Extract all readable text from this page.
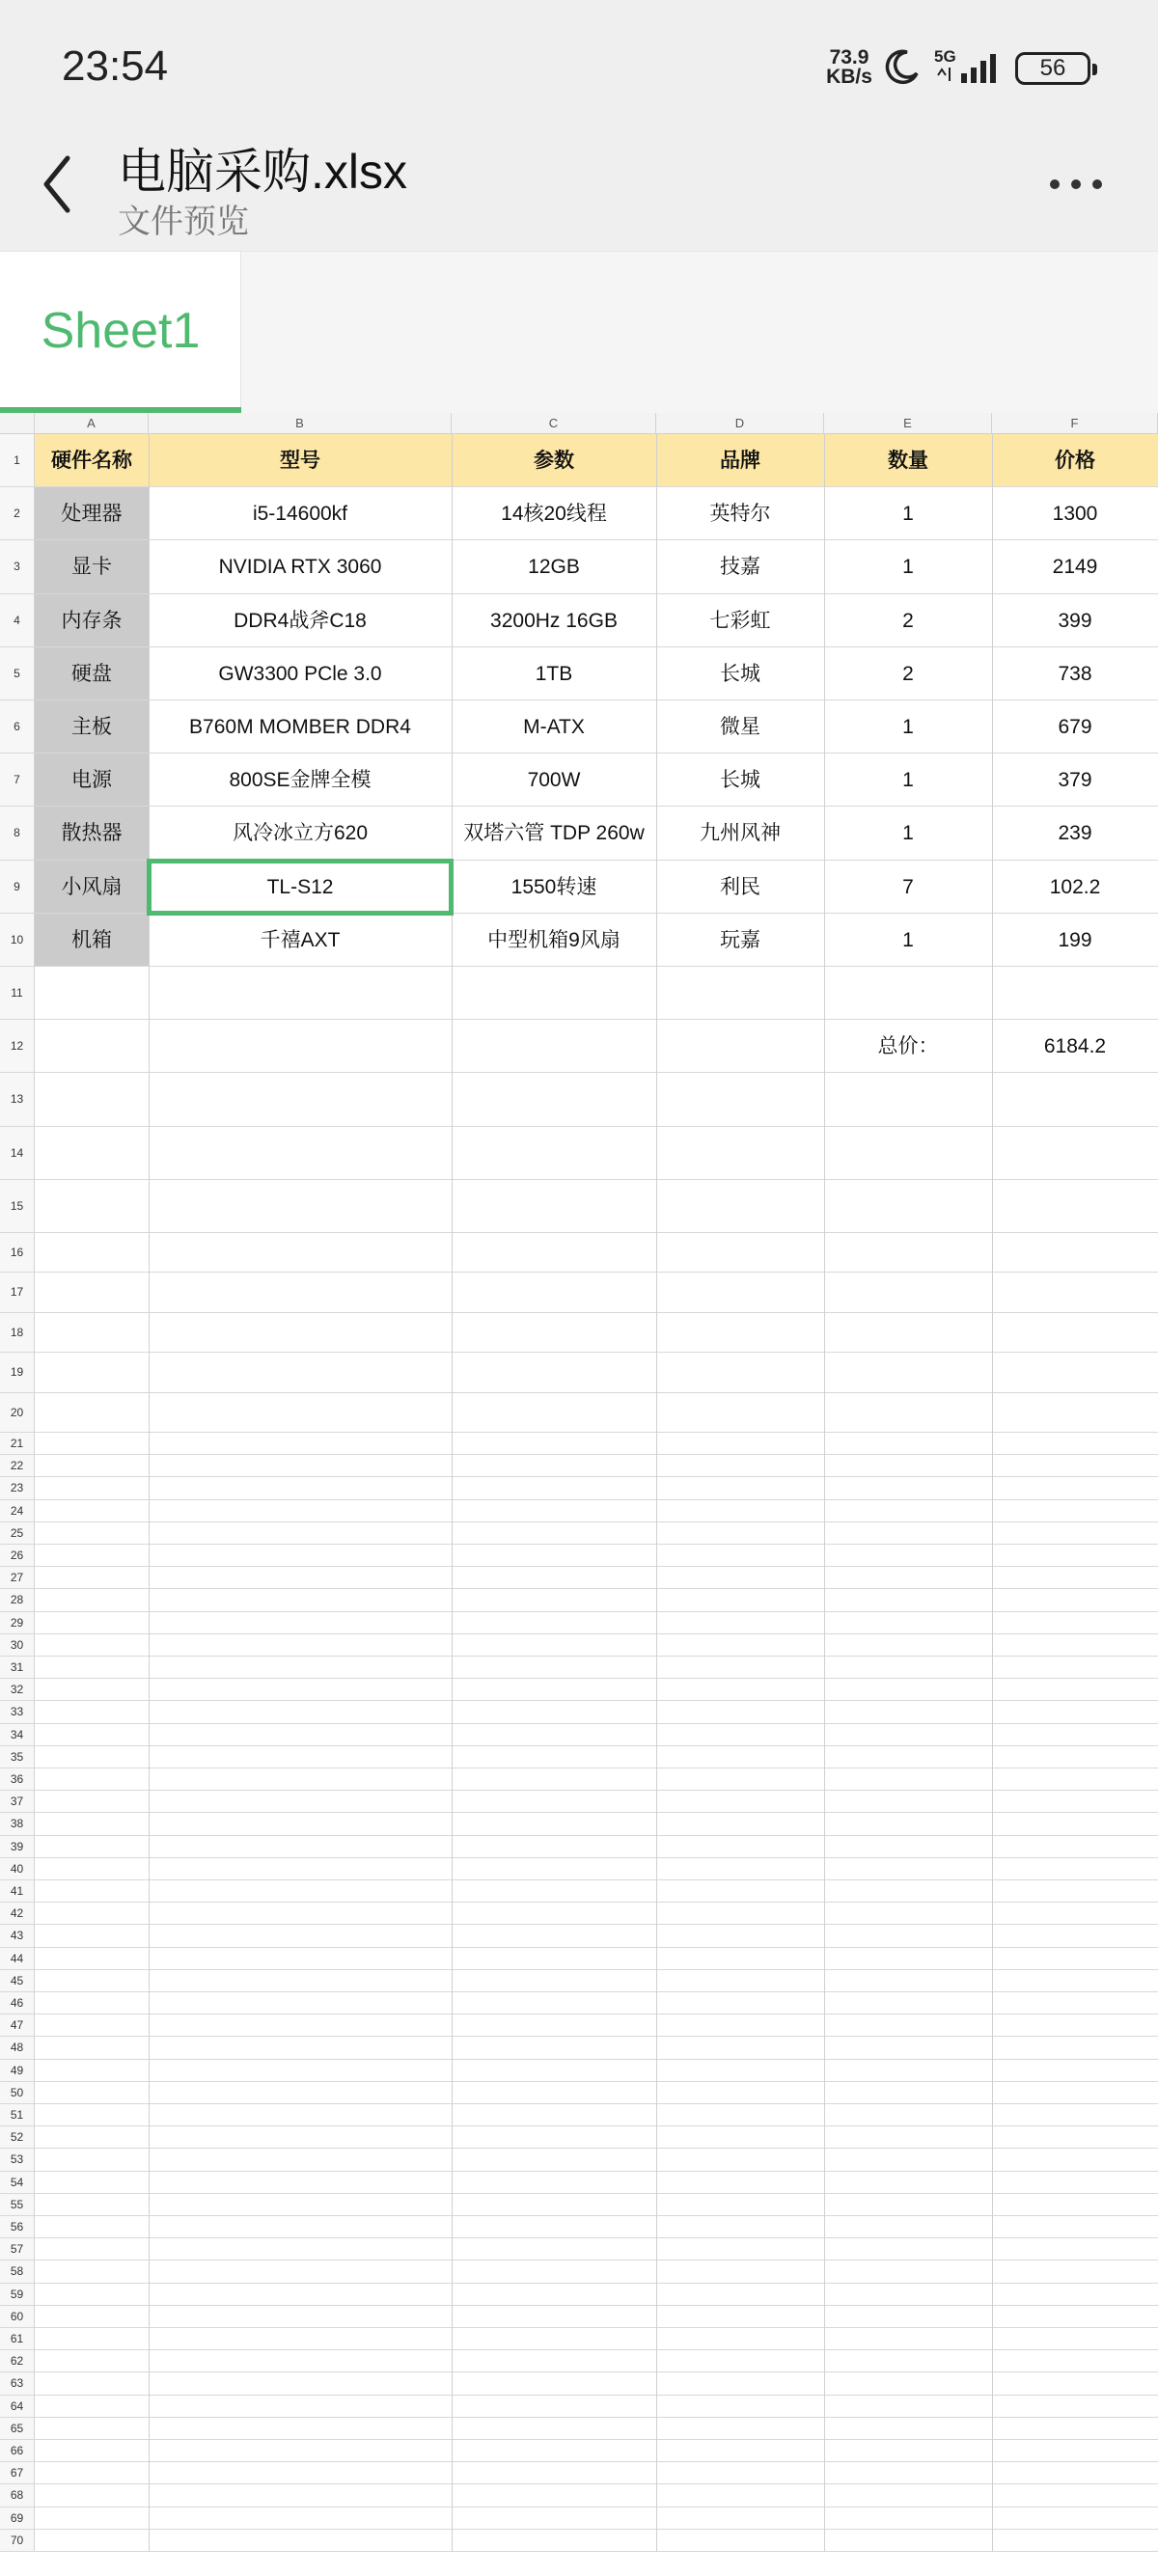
23:54	73.9
KB/s
5G	56
电脑采购.xlsx
文件预览
Sheet1
A	B	C	D	E	F
1
2
3
4
5
6
7
8
9
10
11
12
13
14
15
16
17
18
19
20
21
22
23
24
25
26
27
28
29
30
31
32
33
34
35
36
37
38
39
40
41
42
43
44
45
46
47
48
49
50
51
52
53
54
55
56
57
58
59
60
61
62
63
64
65
66
67
68
69
70
硬件名称	型号	参数	品牌	数量	价格
处理器	i5-14600kf	14核20线程	英特尔	1	1300
显卡	NVIDIA RTX 3060	12GB	技嘉	1	2149
内存条	DDR4战斧C18	3200Hz 16GB	七彩虹	2	399
硬盘	GW3300 PCle 3.0	1TB	长城	2	738
主板	B760M MOMBER DDR4	M-ATX	微星	1	679
电源	800SE金牌全模	700W	长城	1	379
散热器	风冷冰立方620	双塔六管 TDP 260w	九州风神	1	239
小风扇	TL-S12	1550转速	利民	7	102.2
机箱	千禧AXT	中型机箱9风扇	玩嘉	1	199
总价：	6184.2
